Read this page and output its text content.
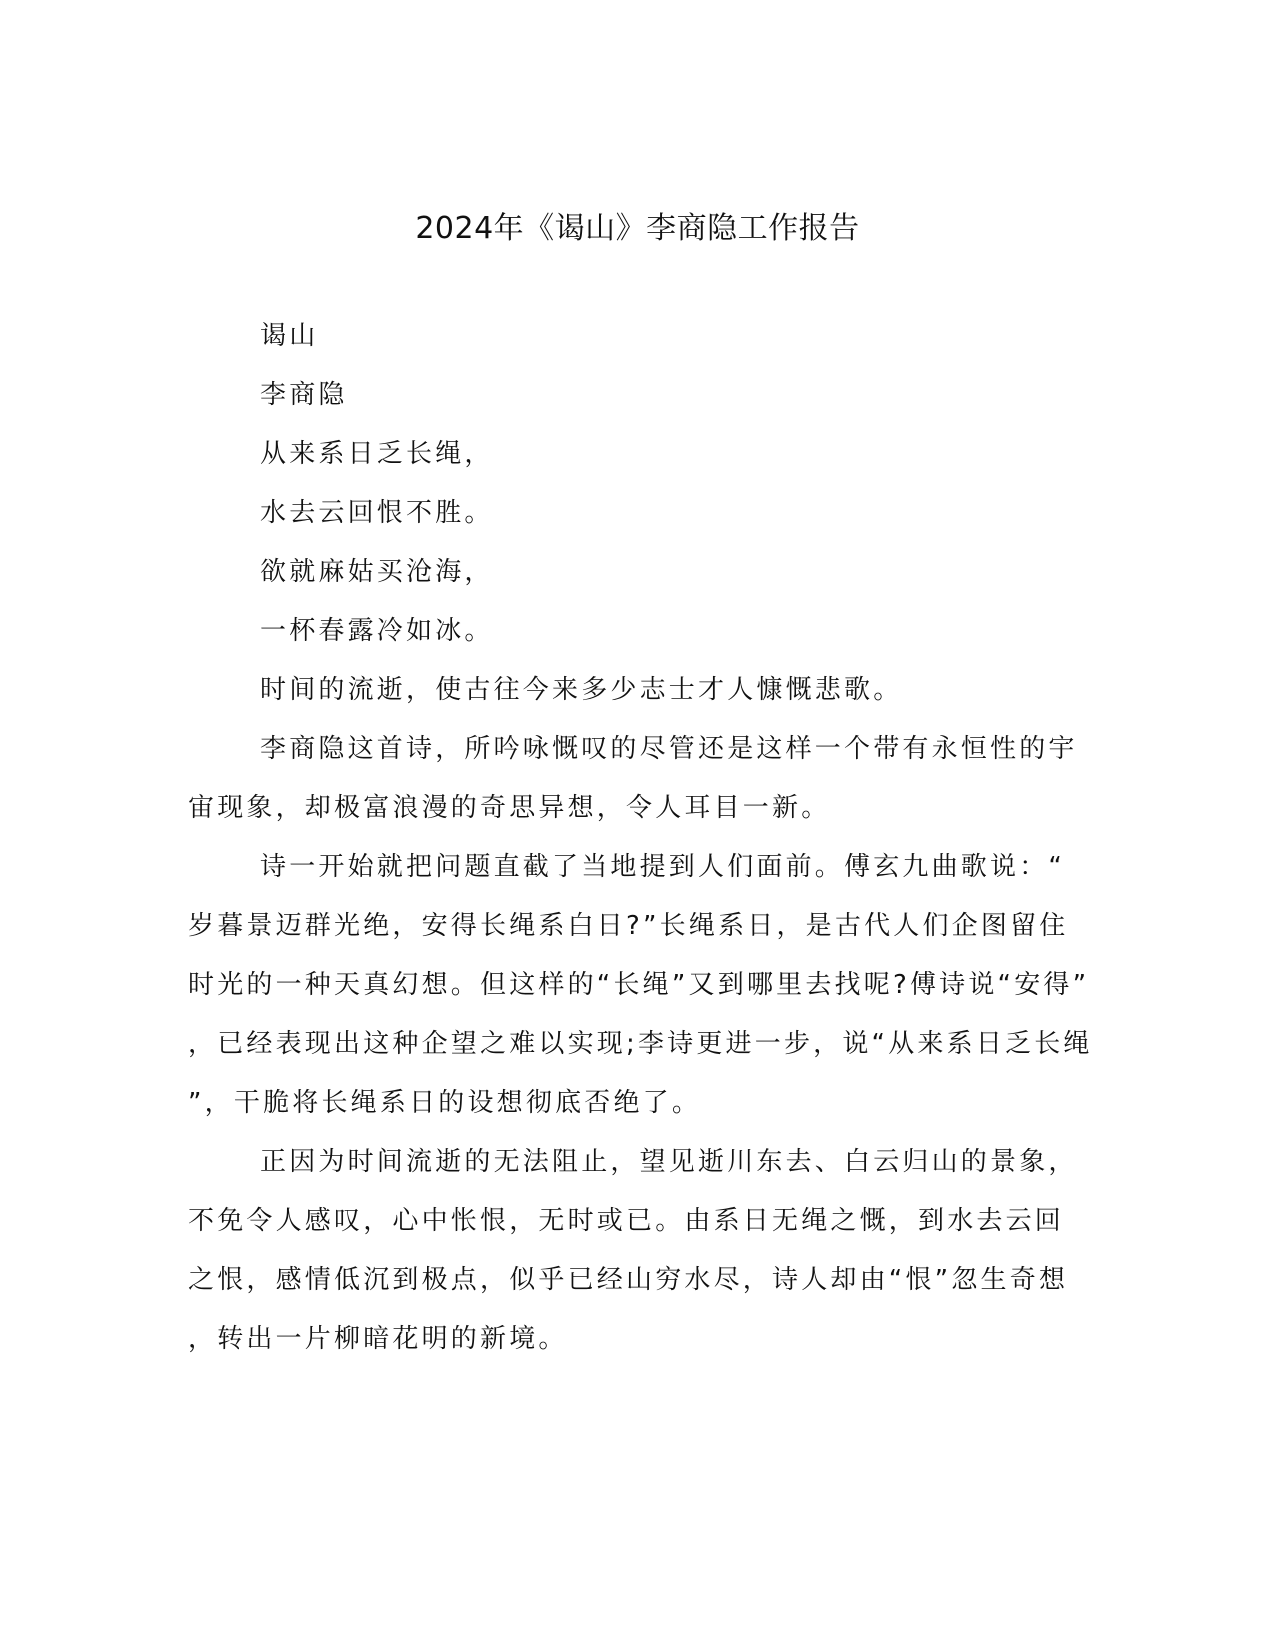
2024年《谒山》李商隐工作报告

谒山

李商隐

从来系日乏长绳，

水去云回恨不胜。

欲就麻姑买沧海，

一杯春露冷如冰。

时间的流逝，使古往今来多少志士才人慷慨悲歌。

李商隐这首诗，所吟咏慨叹的尽管还是这样一个带有永恒性的宇

宙现象，却极富浪漫的奇思异想，令人耳目一新。

诗一开始就把问题直截了当地提到人们面前。傅玄九曲歌说：“

岁暮景迈群光绝，安得长绳系白日?”长绳系日，是古代人们企图留住

时光的一种天真幻想。但这样的“长绳”又到哪里去找呢?傅诗说“安得”

，已经表现出这种企望之难以实现;李诗更进一步，说“从来系日乏长绳

”，干脆将长绳系日的设想彻底否绝了。

正因为时间流逝的无法阻止，望见逝川东去、白云归山的景象，

不免令人感叹，心中怅恨，无时或已。由系日无绳之慨，到水去云回

之恨，感情低沉到极点，似乎已经山穷水尽，诗人却由“恨”忽生奇想

，转出一片柳暗花明的新境。
